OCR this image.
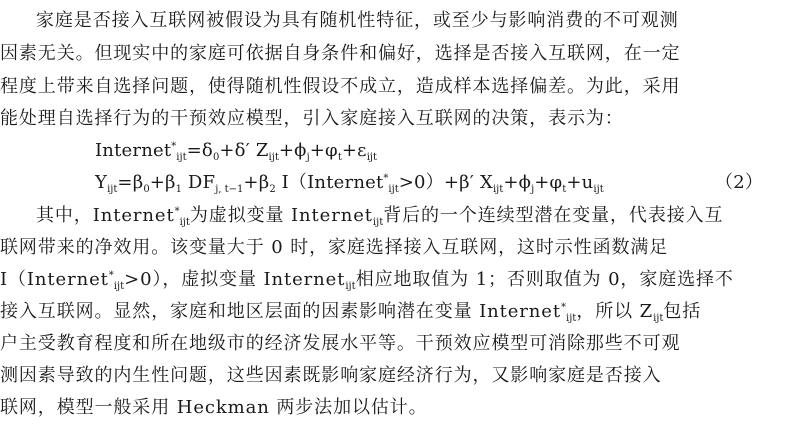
家庭是否接入互联网被假设为具有随机性特征，或至少与影响消费的不可观测
因素无关。但现实中的家庭可依据自身条件和偏好，选择是否接入互联网，在一定
程度上带来自选择问题，使得随机性假设不成立，造成样本选择偏差。为此，采用
能处理自选择行为的干预效应模型，引入家庭接入互联网的决策，表示为：
$Internet^*_{ijt}=\delta_0+\delta'$ $Z_{ijt}+\phi_j+\varphi_t+\varepsilon_{ijt}$
$Y_{ijt}=\beta_0+\beta_1$ $DF_{j, t-1}+\beta_2$ I（Internet*$_{ijt}$>0）+β′ $X_{ijt}+\phi_j+\varphi_t+u_{ijt}$	（2）
其中，Internet*$_{ijt}$为虚拟变量 Internet$_{ijt}$背后的一个连续型潜在变量，代表接入互
联网带来的净效用。该变量大于 0 时，家庭选择接入互联网，这时示性函数满足
I（Internet*$_{ijt}$>0），虚拟变量 Internet$_{ijt}$相应地取值为 1；否则取值为 0，家庭选择不
接入互联网。显然，家庭和地区层面的因素影响潜在变量 Internet*$_{ijt}$，所以 $Z_{ijt}$包括
户主受教育程度和所在地级市的经济发展水平等。干预效应模型可消除那些不可观
测因素导致的内生性问题，这些因素既影响家庭经济行为，又影响家庭是否接入
联网，模型一般采用 Heckman 两步法加以估计。
